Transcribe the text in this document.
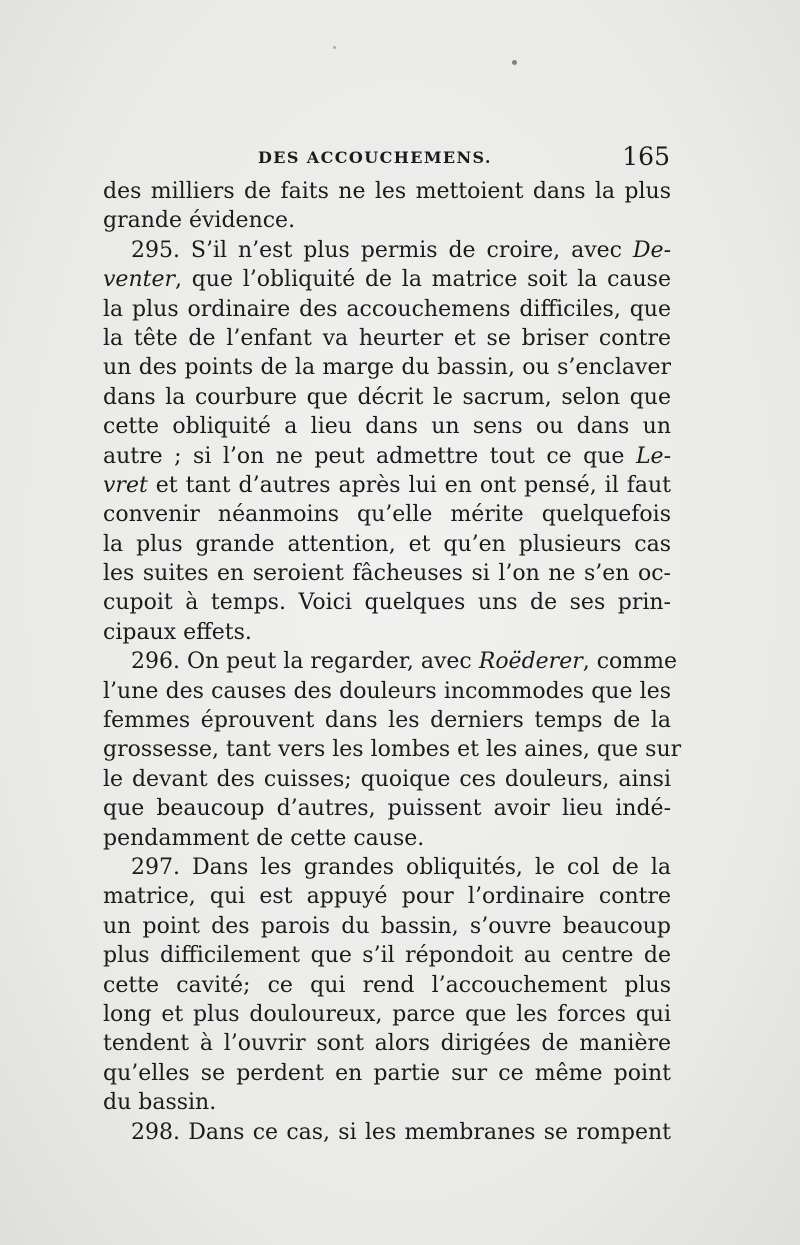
DES ACCOUCHEMENS.	165
des milliers de faits ne les mettoient dans la plus
grande évidence.
295. S’il n’est plus permis de croire, avec De-
venter, que l’obliquité de la matrice soit la cause
la plus ordinaire des accouchemens difficiles, que
la tête de l’enfant va heurter et se briser contre
un des points de la marge du bassin, ou s’enclaver
dans la courbure que décrit le sacrum, selon que
cette obliquité a lieu dans un sens ou dans un
autre ; si l’on ne peut admettre tout ce que Le-
vret et tant d’autres après lui en ont pensé, il faut
convenir néanmoins qu’elle mérite quelquefois
la plus grande attention, et qu’en plusieurs cas
les suites en seroient fâcheuses si l’on ne s’en oc-
cupoit à temps. Voici quelques uns de ses prin-
cipaux effets.
296. On peut la regarder, avec Roëderer, comme
l’une des causes des douleurs incommodes que les
femmes éprouvent dans les derniers temps de la
grossesse, tant vers les lombes et les aines, que sur
le devant des cuisses; quoique ces douleurs, ainsi
que beaucoup d’autres, puissent avoir lieu indé-
pendamment de cette cause.
297. Dans les grandes obliquités, le col de la
matrice, qui est appuyé pour l’ordinaire contre
un point des parois du bassin, s’ouvre beaucoup
plus difficilement que s’il répondoit au centre de
cette cavité; ce qui rend l’accouchement plus
long et plus douloureux, parce que les forces qui
tendent à l’ouvrir sont alors dirigées de manière
qu’elles se perdent en partie sur ce même point
du bassin.
298. Dans ce cas, si les membranes se rompent
